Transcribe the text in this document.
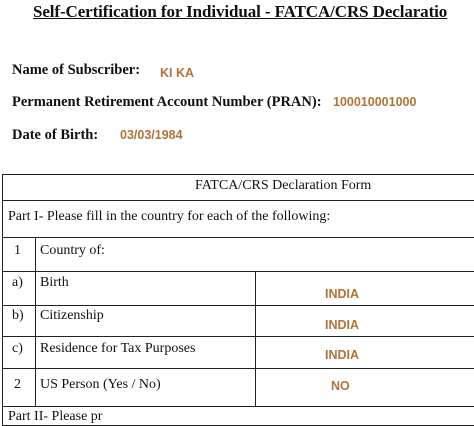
Self-Certification for Individual - FATCA/CRS Declaratio
Name of Subscriber: KI KA
Permanent Retirement Account Number (PRAN): 100010001000
Date of Birth: 03/03/1984
FATCA/CRS Declaration Form
Part I- Please fill in the country for each of the following:
1 Country of:
a) Birth
INDIA
b) Citizenship
INDIA
c) Residence for Tax Purposes	INDIA
2 US Person (Yes / No)	NO
Part II- Please pr
